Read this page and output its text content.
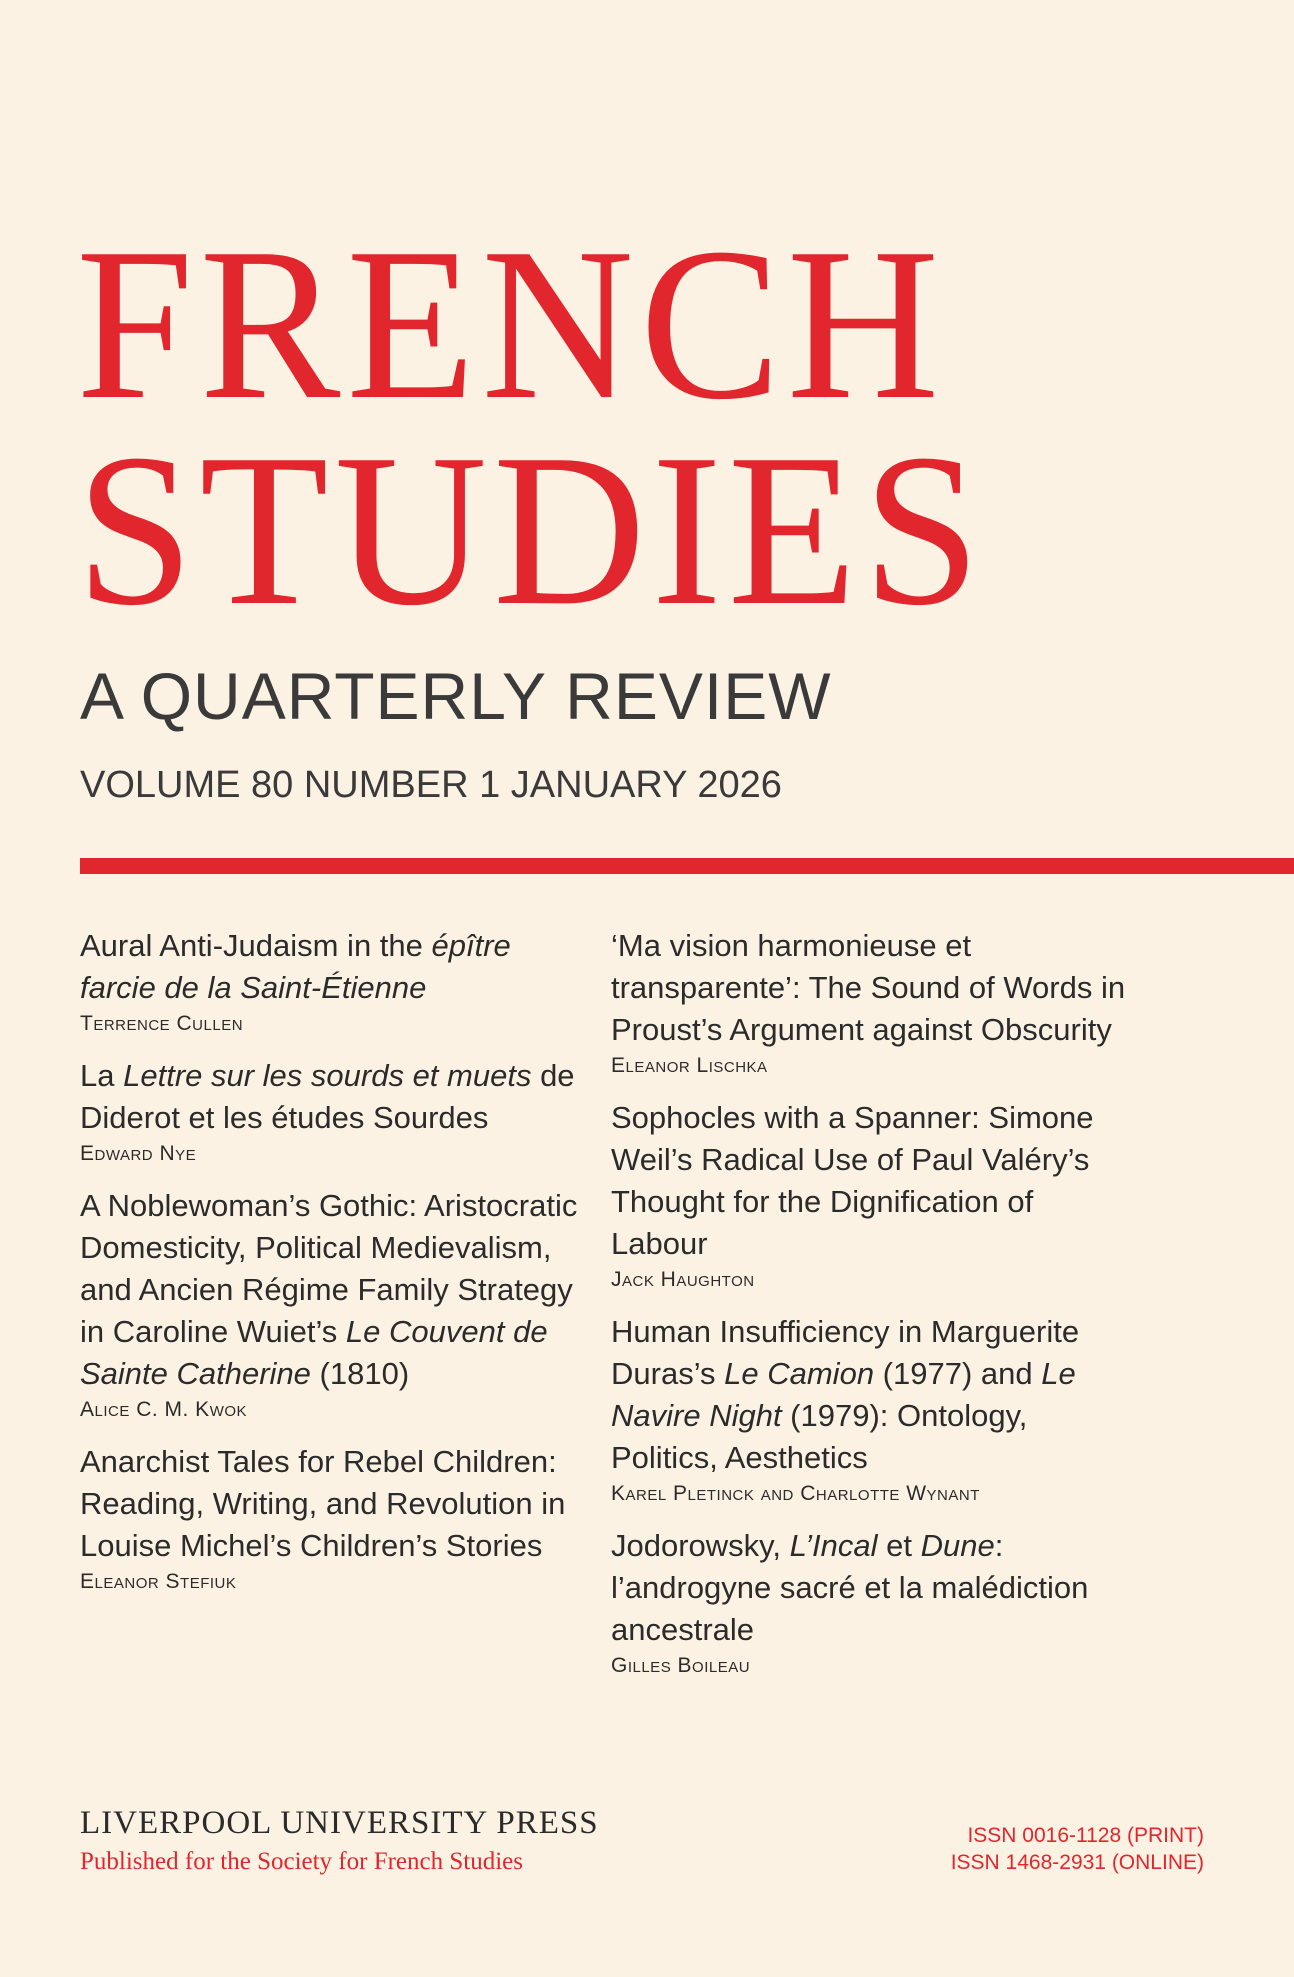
FRENCH
STUDIES
A QUARTERLY REVIEW
VOLUME 80 NUMBER 1 JANUARY 2026
Aural Anti-Judaism in the épître farcie de la Saint-Étienne
Terrence Cullen
La Lettre sur les sourds et muets de Diderot et les études Sourdes
Edward Nye
A Noblewoman’s Gothic: Aristocratic Domesticity, Political Medievalism, and Ancien Régime Family Strategy in Caroline Wuiet’s Le Couvent de Sainte Catherine (1810)
Alice C. M. Kwok
Anarchist Tales for Rebel Children: Reading, Writing, and Revolution in Louise Michel’s Children’s Stories
Eleanor Stefiuk
‘Ma vision harmonieuse et transparente’: The Sound of Words in Proust’s Argument against Obscurity
Eleanor Lischka
Sophocles with a Spanner: Simone Weil’s Radical Use of Paul Valéry’s Thought for the Dignification of Labour
Jack Haughton
Human Insufficiency in Marguerite Duras’s Le Camion (1977) and Le Navire Night (1979): Ontology, Politics, Aesthetics
Karel Pletinck and Charlotte Wynant
Jodorowsky, L’Incal et Dune: l’androgyne sacré et la malédiction ancestrale
Gilles Boileau
LIVERPOOL UNIVERSITY PRESS
Published for the Society for French Studies
ISSN 0016-1128 (PRINT)
ISSN 1468-2931 (ONLINE)
